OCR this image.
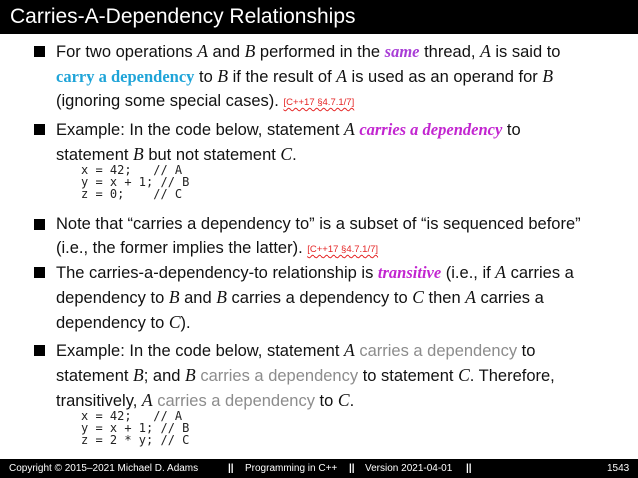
Carries-A-Dependency Relationships
For two operations A and B performed in the same thread, A is said to
carry a dependency to B if the result of A is used as an operand for B
(ignoring some special cases). [C++17 §4.7.1/7]
Example: In the code below, statement A carries a dependency to
statement B but not statement C.
x = 42;   // A
y = x + 1; // B
z = 0;    // C
Note that “carries a dependency to” is a subset of “is sequenced before”
(i.e., the former implies the latter). [C++17 §4.7.1/7]
The carries-a-dependency-to relationship is transitive (i.e., if A carries a
dependency to B and B carries a dependency to C then A carries a
dependency to C).
Example: In the code below, statement A carries a dependency to
statement B; and B carries a dependency to statement C. Therefore,
transitively, A carries a dependency to C.
x = 42;   // A
y = x + 1; // B
z = 2 * y; // C
Copyright © 2015–2021 Michael D. Adams	|| Programming in C++ || Version 2021-04-01 ||	1543
